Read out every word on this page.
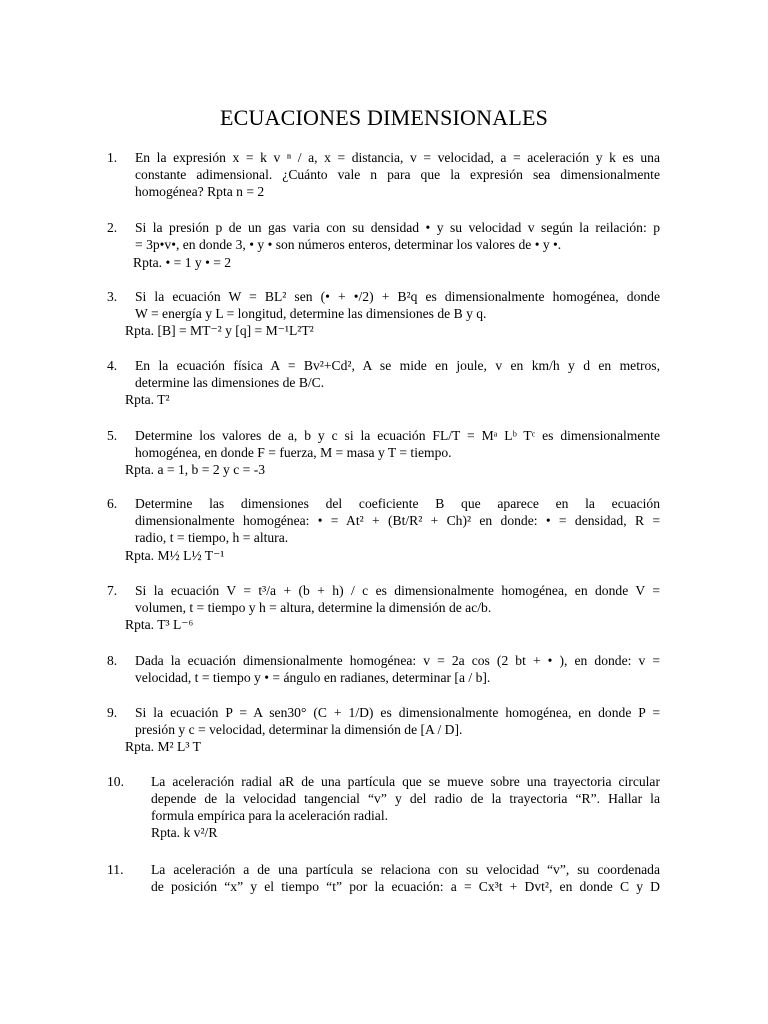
ECUACIONES DIMENSIONALES
1. En la expresión x = k v ⁿ / a, x = distancia, v = velocidad, a = aceleración y k es una
constante adimensional. ¿Cuánto vale n para que la expresión sea dimensionalmente
homogénea? Rpta n = 2
2. Si la presión p de un gas varia con su densidad • y su velocidad v según la reilación: p
= 3p•v•, en donde 3, • y • son números enteros, determinar los valores de • y •.
Rpta. • = 1 y • = 2
3. Si la ecuación W = BL² sen (• + •/2) + B²q es dimensionalmente homogénea, donde
W = energía y L = longitud, determine las dimensiones de B y q.
Rpta. [B] = MT⁻² y [q] = M⁻¹L²T²
4. En la ecuación física A = Bv²+Cd², A se mide en joule, v en km/h y d en metros,
determine las dimensiones de B/C.
Rpta. T²
5. Determine los valores de a, b y c si la ecuación FL/T = Mᵃ Lᵇ Tᶜ es dimensionalmente
homogénea, en donde F = fuerza, M = masa y T = tiempo.
Rpta. a = 1, b = 2 y c = -3
6. Determine las dimensiones del coeficiente B que aparece en la ecuación
dimensionalmente homogénea: • = At² + (Bt/R² + Ch)² en donde: • = densidad, R =
radio, t = tiempo, h = altura.
Rpta. M½ L½ T⁻¹
7. Si la ecuación V = t³/a + (b + h) / c es dimensionalmente homogénea, en donde V =
volumen, t = tiempo y h = altura, determine la dimensión de ac/b.
Rpta. T³ L⁻⁶
8. Dada la ecuación dimensionalmente homogénea: v = 2a cos (2 bt + • ), en donde: v =
velocidad, t = tiempo y • = ángulo en radianes, determinar [a / b].
9. Si la ecuación P = A sen30° (C + 1/D) es dimensionalmente homogénea, en donde P =
presión y c = velocidad, determinar la dimensión de [A / D].
Rpta. M² L³ T
10. La aceleración radial aR de una partícula que se mueve sobre una trayectoria circular
depende de la velocidad tangencial “v” y del radio de la trayectoria “R”. Hallar la
formula empírica para la aceleración radial.
Rpta. k v²/R
11. La aceleración a de una partícula se relaciona con su velocidad “v”, su coordenada
de posición “x” y el tiempo “t” por la ecuación: a = Cx³t + Dvt², en donde C y D
